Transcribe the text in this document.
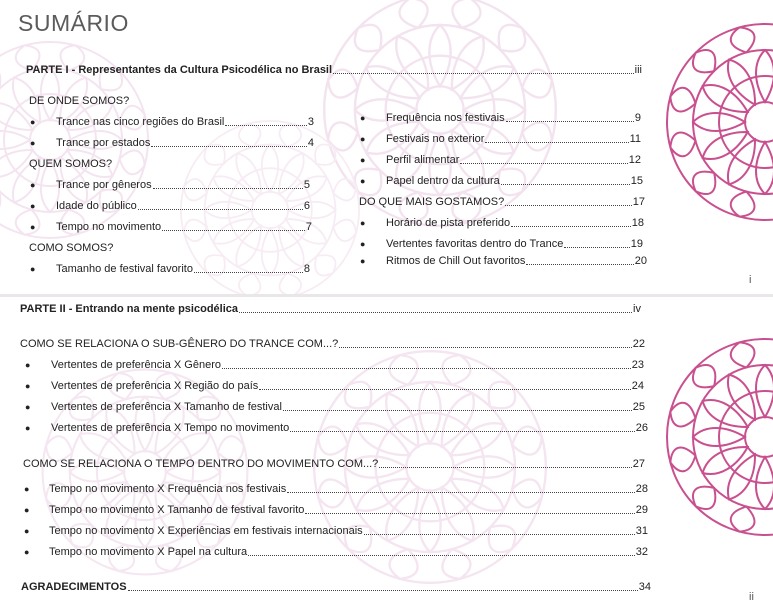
SUMÁRIO
PARTE I - Representantes da Cultura Psicodélica no Brasil	iii
DE ONDE SOMOS?
● Trance nas cinco regiões do Brasil	3
● Trance por estados	4
QUEM SOMOS?
● Trance por gêneros	5
● Idade do público	6
● Tempo no movimento	7
COMO SOMOS?
● Tamanho de festival favorito	8
● Frequência nos festivais	9
● Festivais no exterior	11
● Perfil alimentar	12
● Papel dentro da cultura	15
DO QUE MAIS GOSTAMOS?	17
● Horário de pista preferido	18
● Vertentes favoritas dentro do Trance	19
● Ritmos de Chill Out favoritos	20
i
PARTE II - Entrando na mente psicodélica	iv
COMO SE RELACIONA O SUB-GÊNERO DO TRANCE COM...?	22
● Vertentes de preferência X Gênero	23
● Vertentes de preferência X Região do país	24
● Vertentes de preferência X Tamanho de festival	25
● Vertentes de preferência X Tempo no movimento	26
COMO SE RELACIONA O TEMPO DENTRO DO MOVIMENTO COM...?	27
● Tempo no movimento X Frequência nos festivais	28
● Tempo no movimento X Tamanho de festival favorito	29
● Tempo no movimento X Experiências em festivais internacionais	31
● Tempo no movimento X Papel na cultura	32
AGRADECIMENTOS	34
ii
